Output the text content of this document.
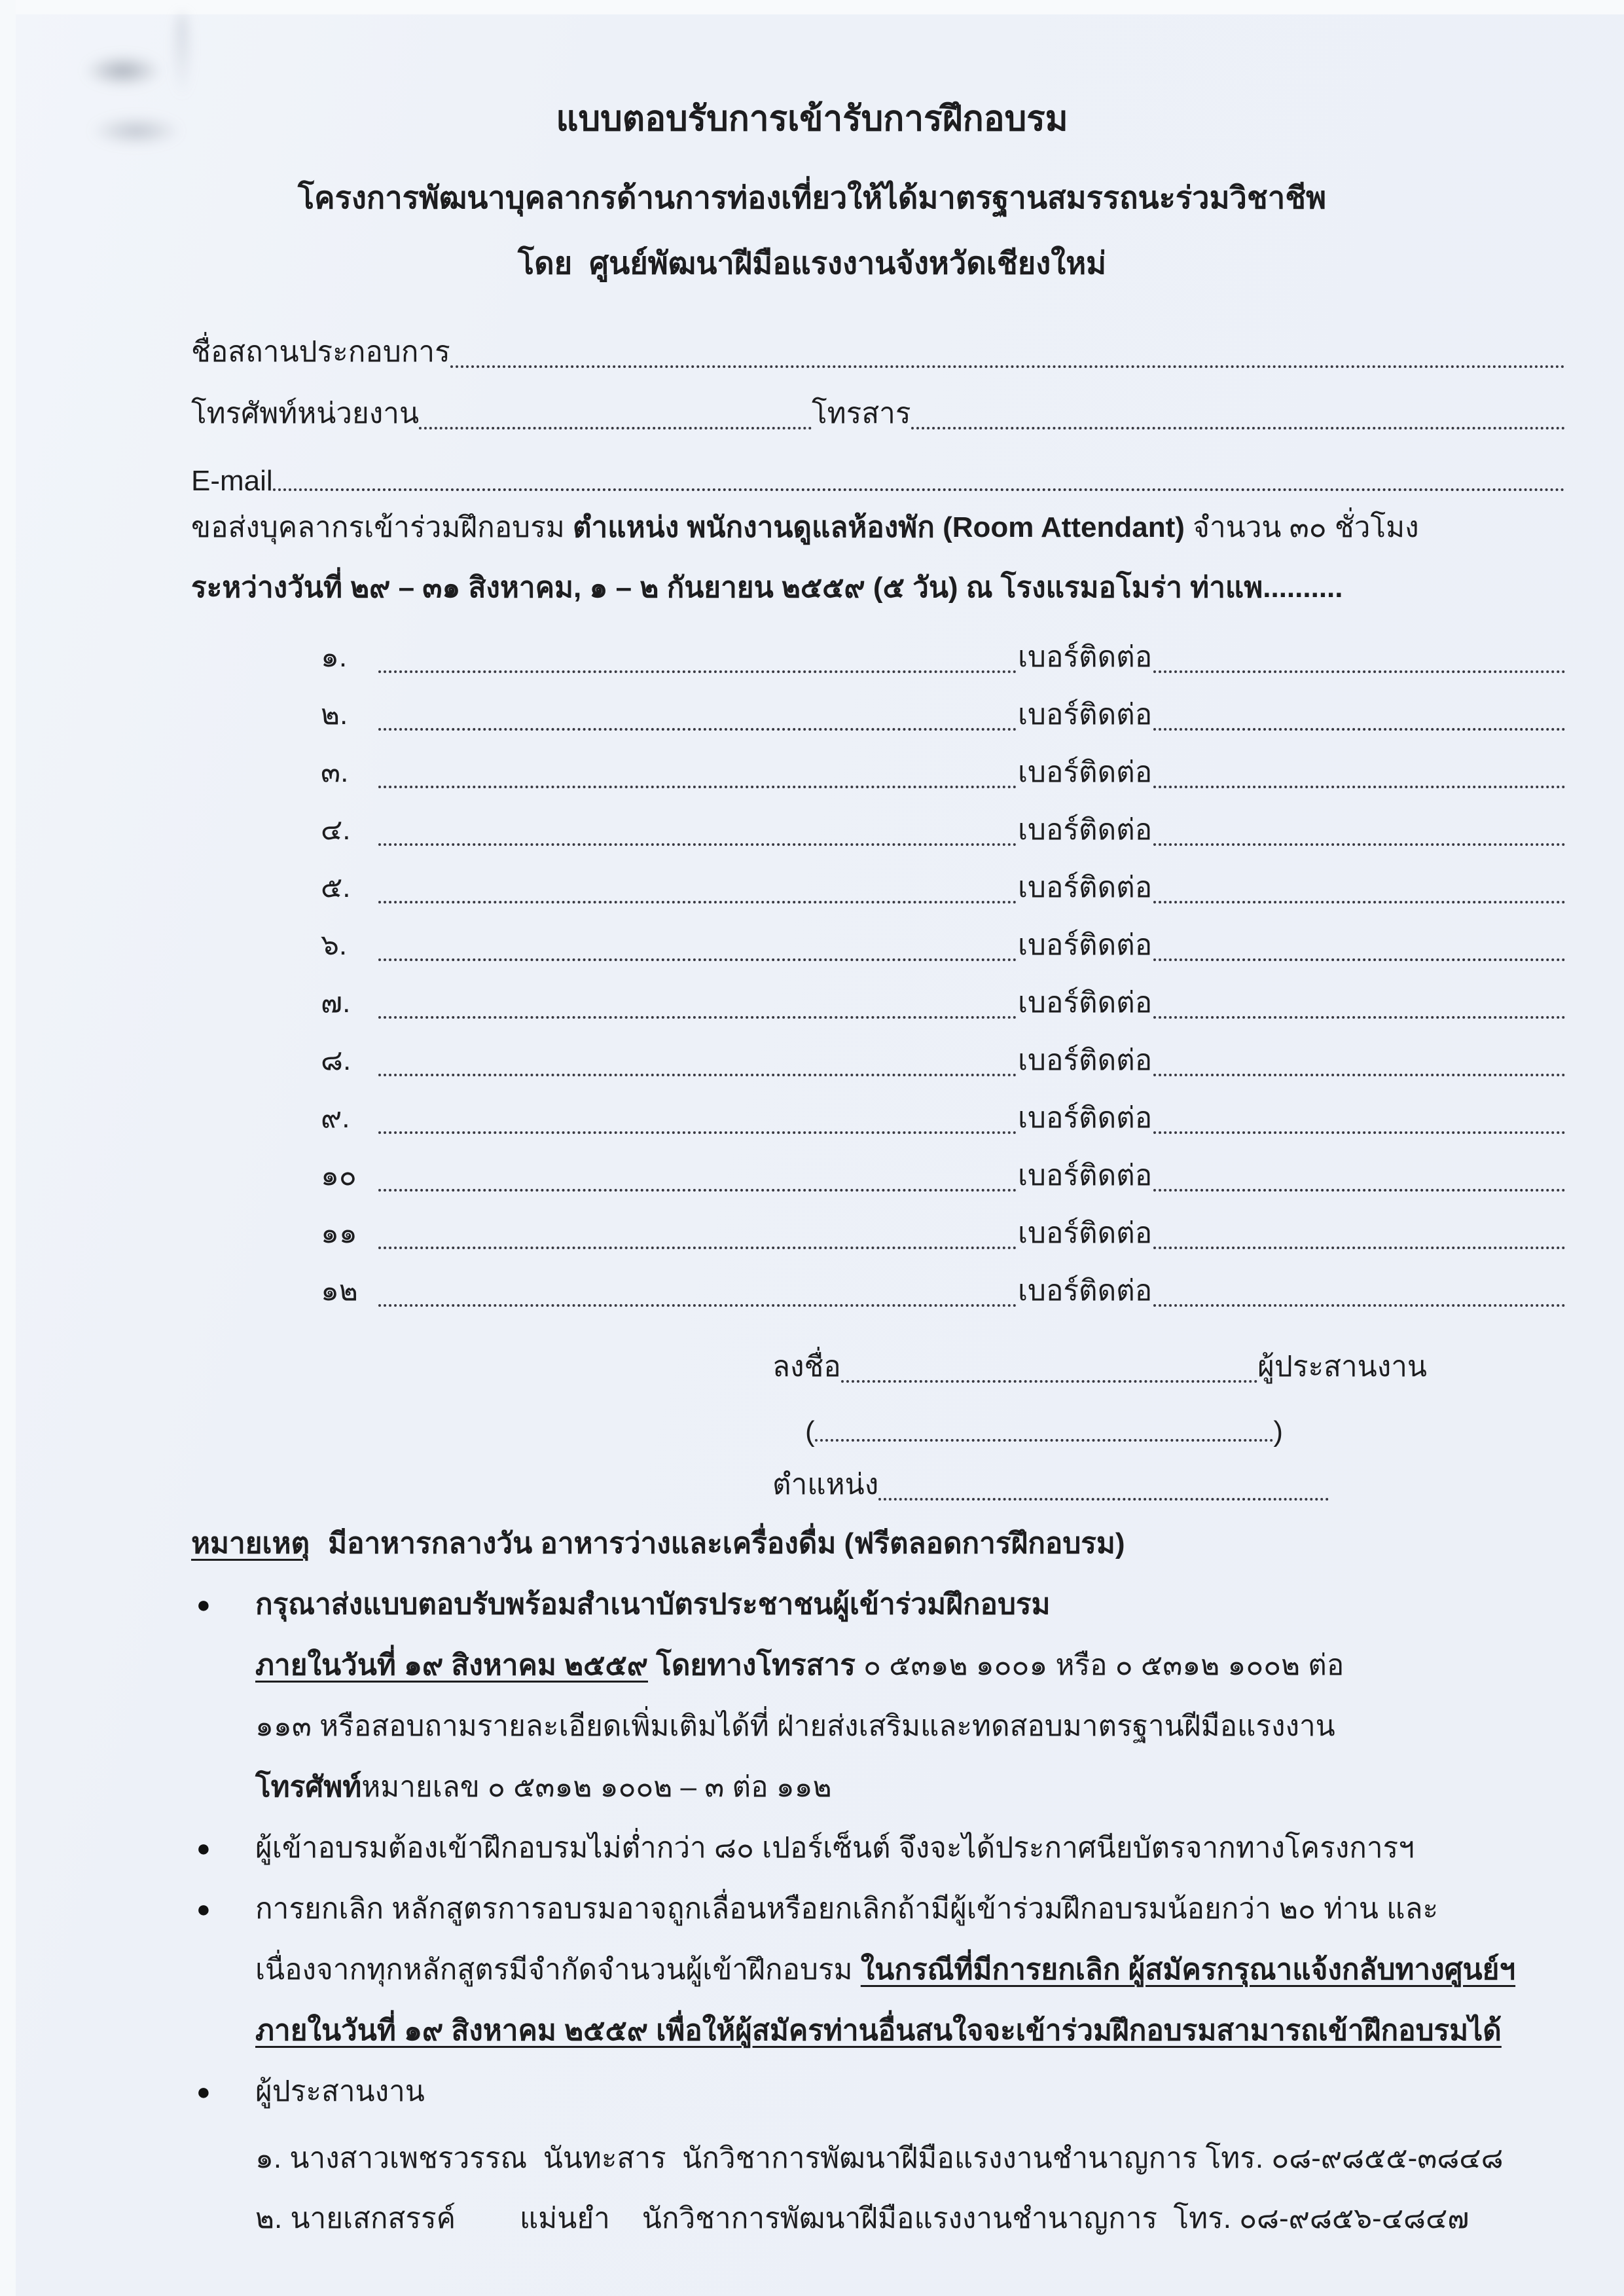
แบบตอบรับการเข้ารับการฝึกอบรม
โครงการพัฒนาบุคลากรด้านการท่องเที่ยวให้ได้มาตรฐานสมรรถนะร่วมวิชาชีพ
โดย  ศูนย์พัฒนาฝีมือแรงงานจังหวัดเชียงใหม่
ชื่อสถานประกอบการ
โทรศัพท์หน่วยงาน	โทรสาร
E-mail
ขอส่งบุคลากรเข้าร่วมฝึกอบรม ตำแหน่ง พนักงานดูแลห้องพัก (Room Attendant) จำนวน ๓๐ ชั่วโมง
ระหว่างวันที่ ๒๙ – ๓๑ สิงหาคม, ๑ – ๒ กันยายน ๒๕๕๙ (๕ วัน) ณ โรงแรมอโมร่า ท่าแพ..........
๑.	เบอร์ติดต่อ
๒.	เบอร์ติดต่อ
๓.	เบอร์ติดต่อ
๔.	เบอร์ติดต่อ
๕.	เบอร์ติดต่อ
๖.	เบอร์ติดต่อ
๗.	เบอร์ติดต่อ
๘.	เบอร์ติดต่อ
๙.	เบอร์ติดต่อ
๑๐	เบอร์ติดต่อ
๑๑	เบอร์ติดต่อ
๑๒	เบอร์ติดต่อ
ลงชื่อ	ผู้ประสานงาน
(	)
ตำแหน่ง
หมายเหตุ มีอาหารกลางวัน อาหารว่างและเครื่องดื่ม (ฟรีตลอดการฝึกอบรม)
●	กรุณาส่งแบบตอบรับพร้อมสำเนาบัตรประชาชนผู้เข้าร่วมฝึกอบรม
ภายในวันที่ ๑๙ สิงหาคม ๒๕๕๙ โดยทางโทรสาร ๐ ๕๓๑๒ ๑๐๐๑ หรือ ๐ ๕๓๑๒ ๑๐๐๒ ต่อ
๑๑๓ หรือสอบถามรายละเอียดเพิ่มเติมได้ที่ ฝ่ายส่งเสริมและทดสอบมาตรฐานฝีมือแรงงาน
โทรศัพท์หมายเลข ๐ ๕๓๑๒ ๑๐๐๒ – ๓ ต่อ ๑๑๒
●	ผู้เข้าอบรมต้องเข้าฝึกอบรมไม่ต่ำกว่า ๘๐ เปอร์เซ็นต์ จึงจะได้ประกาศนียบัตรจากทางโครงการฯ
●	การยกเลิก หลักสูตรการอบรมอาจถูกเลื่อนหรือยกเลิกถ้ามีผู้เข้าร่วมฝึกอบรมน้อยกว่า ๒๐ ท่าน และ
เนื่องจากทุกหลักสูตรมีจำกัดจำนวนผู้เข้าฝึกอบรม ในกรณีที่มีการยกเลิก ผู้สมัครกรุณาแจ้งกลับทางศูนย์ฯ
ภายในวันที่ ๑๙ สิงหาคม ๒๕๕๙ เพื่อให้ผู้สมัครท่านอื่นสนใจจะเข้าร่วมฝึกอบรมสามารถเข้าฝึกอบรมได้
●	ผู้ประสานงาน
๑. นางสาวเพชรวรรณ  นันทะสาร  นักวิชาการพัฒนาฝีมือแรงงานชำนาญการ โทร. ๐๘-๙๘๕๕-๓๘๔๘
๒. นายเสกสรรค์        แม่นยำ    นักวิชาการพัฒนาฝีมือแรงงานชำนาญการ  โทร. ๐๘-๙๘๕๖-๔๘๔๗
